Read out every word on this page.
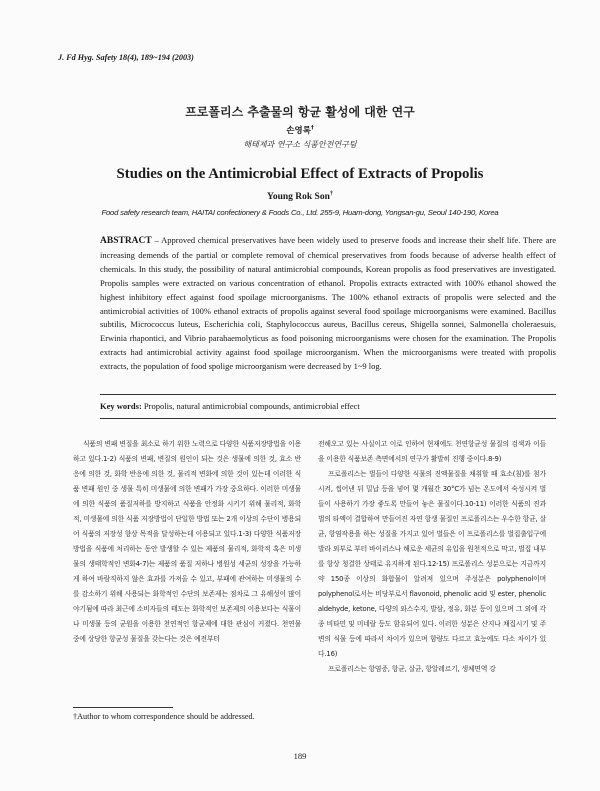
J. Fd Hyg. Safety 18(4), 189~194 (2003)
프로폴리스 추출물의 항균 활성에 대한 연구
손영록†
해태제과 연구소 식품안전연구팀
Studies on the Antimicrobial Effect of Extracts of Propolis
Young Rok Son†
Food safety research team, HAITAI confectionery & Foods Co., Ltd. 255-9, Huam-dong, Yongsan-gu, Seoul 140-190, Korea

ABSTRACT – Approved chemical preservatives have been widely used to preserve foods and increase their shelf life. There are increasing demends of the partial or complete removal of chemical preservatives from foods because of adverse health effect of chemicals. In this study, the possibility of natural antimicrobial compounds, Korean propolis as food preservatives are investigated. Propolis samples were extracted on various concentration of ethanol. Propolis extracts extracted with 100% ethanol showed the highest inhibitory effect against food spoilage microorganisms. The 100% ethanol extracts of propolis were selected and the antimicrobial activities of 100% ethanol extracts of propolis against several food spoilage microorganisms were examined. Bacillus subtilis, Micrococcus luteus, Escherichia coli, Staphylococcus aureus, Bacillus cereus, Shigella sonnei, Salmonella choleraesuis, Erwinia rhapontici, and Vibrio parahaemolyticus as food poisoning microorganisms were chosen for the examination. The Propolis extracts had antimicrobial activity against food spoilage microorganism. When the microorganisms were treated with propolis extracts, the population of food spolige microorganism were decreased by 1~9 log.

Key words: Propolis, natural antimicrobial compounds, antimicrobial effect

식품의 변패 변질을 최소로 하기 위한 노력으로 다양한 식품저장방법을 이용하고 있다.1-2) 식품의 변패, 변질의 원인이 되는 것은 생물에 의한 것, 효소 반응에 의한 것, 화학 반응에 의한 것, 물리적 변화에 의한 것이 있는데 이러한 식품 변패 원인 중 생물 특히 미생물에 의한 변패가 가장 중요하다. 이러한 미생물에 의한 식품의 품질저하를 방지하고 식품을 안정화 시키기 위해 물리적, 화학적, 미생물에 의한 식품 저장방법이 단일한 방법 또는 2개 이상의 수단이 병용되어 식품의 저장성 향상 목적을 달성하는데 이용되고 있다.1-3) 다양한 식품저장 방법을 식품에 처리하는 동안 발생할 수 있는 제품의 물리적, 화학적 혹은 미생물의 생태학적인 변화4-7)는 제품의 품질 저하나 병원성 세균의 성장을 가능하게 하여 바람직하지 않은 효과를 가져올 수 있고, 부패에 관여하는 미생물의 수를 감소하기 위해 사용되는 화학적인 수단의 보존제는 점차로 그 유해성이 많이 야기됨에 따라 최근에 소비자들의 태도는 화학적인 보존제의 이용보다는 식물이나 미생물 등의 균원을 이용한 천연적인 항균제에 대한 관심이 커졌다. 천연물 중에 상당한 항균성 물질을 갖는다는 것은 예전부터

전해오고 있는 사실이고 이로 인하여 현재에도 천연항균성 물질의 검색과 이들을 이용한 식품보존 측면에서의 연구가 활발히 진행 중이다.8-9)

프로폴리스는 벌들이 다양한 식물의 진액물질을 채취할 때 효소(침)를 첨가시켜, 씹어낸 뒤 밀납 등을 넣어 몇 개월간 30°C가 넘는 온도에서 숙성시켜 벌들이 사용하기 가장 좋도록 만들어 놓은 물질이다.10-11) 이러한 식품의 진과 벌의 타액이 결합하여 만들어진 자연 항생 물질인 프로폴리스는 우수한 항균, 살균, 항염작용을 하는 성질을 가지고 있어 벌들은 이 프로폴리스를 벌집출입구에 발라 외부로 부터 바이러스나 해로운 세균의 유입을 원천적으로 막고, 벌집 내부를 항상 청결한 상태로 유지하게 된다.12-15) 프로폴리스 성분으로는 지금까지 약 150종 이상의 화합물이 알려져 있으며 주성분은 polyphenol이며 polyphenol로서는 비당부로서 flavonoid, phenolic acid 및 ester, phenolic aldehyde, ketone, 다양의 와스수지, 발삼, 정유, 화분 등이 있으며 그 외에 각 종 비타민 및 미네랄 등도 함유되어 있다. 이러한 성분은 산지나 채집시기 및 주변의 식물 등에 따라서 차이가 있으며 함량도 다르고 효능에도 다소 차이가 있다.16)

프로폴리스는 항염증, 항균, 살균, 항알레르기, 생체면역 강

†Author to whom correspondence should be addressed.
189
